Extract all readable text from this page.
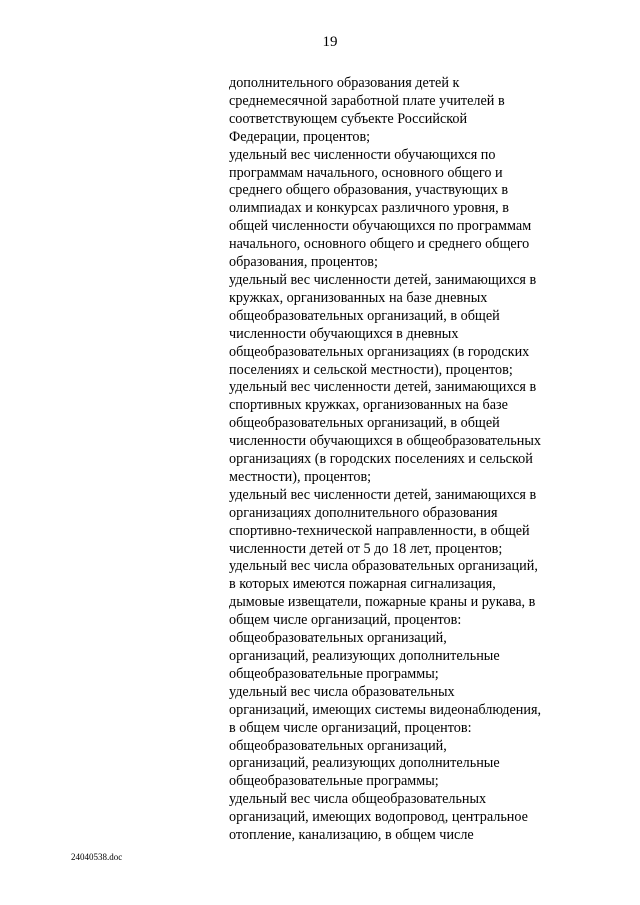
19
дополнительного образования детей к
среднемесячной заработной плате учителей в
соответствующем субъекте Российской
Федерации, процентов;
удельный вес численности обучающихся по
программам начального, основного общего и
среднего общего образования, участвующих в
олимпиадах и конкурсах различного уровня, в
общей численности обучающихся по программам
начального, основного общего и среднего общего
образования, процентов;
удельный вес численности детей, занимающихся в
кружках, организованных на базе дневных
общеобразовательных организаций, в общей
численности обучающихся в дневных
общеобразовательных организациях (в городских
поселениях и сельской местности), процентов;
удельный вес численности детей, занимающихся в
спортивных кружках, организованных на базе
общеобразовательных организаций, в общей
численности обучающихся в общеобразовательных
организациях (в городских поселениях и сельской
местности), процентов;
удельный вес численности детей, занимающихся в
организациях дополнительного образования
спортивно-технической направленности, в общей
численности детей от 5 до 18 лет, процентов;
удельный вес числа образовательных организаций,
в которых имеются пожарная сигнализация,
дымовые извещатели, пожарные краны и рукава, в
общем числе организаций, процентов:
общеобразовательных организаций,
организаций, реализующих дополнительные
общеобразовательные программы;
удельный вес числа образовательных
организаций, имеющих системы видеонаблюдения,
в общем числе организаций, процентов:
общеобразовательных организаций,
организаций, реализующих дополнительные
общеобразовательные программы;
удельный вес числа общеобразовательных
организаций, имеющих водопровод, центральное
отопление, канализацию, в общем числе
24040538.doc
